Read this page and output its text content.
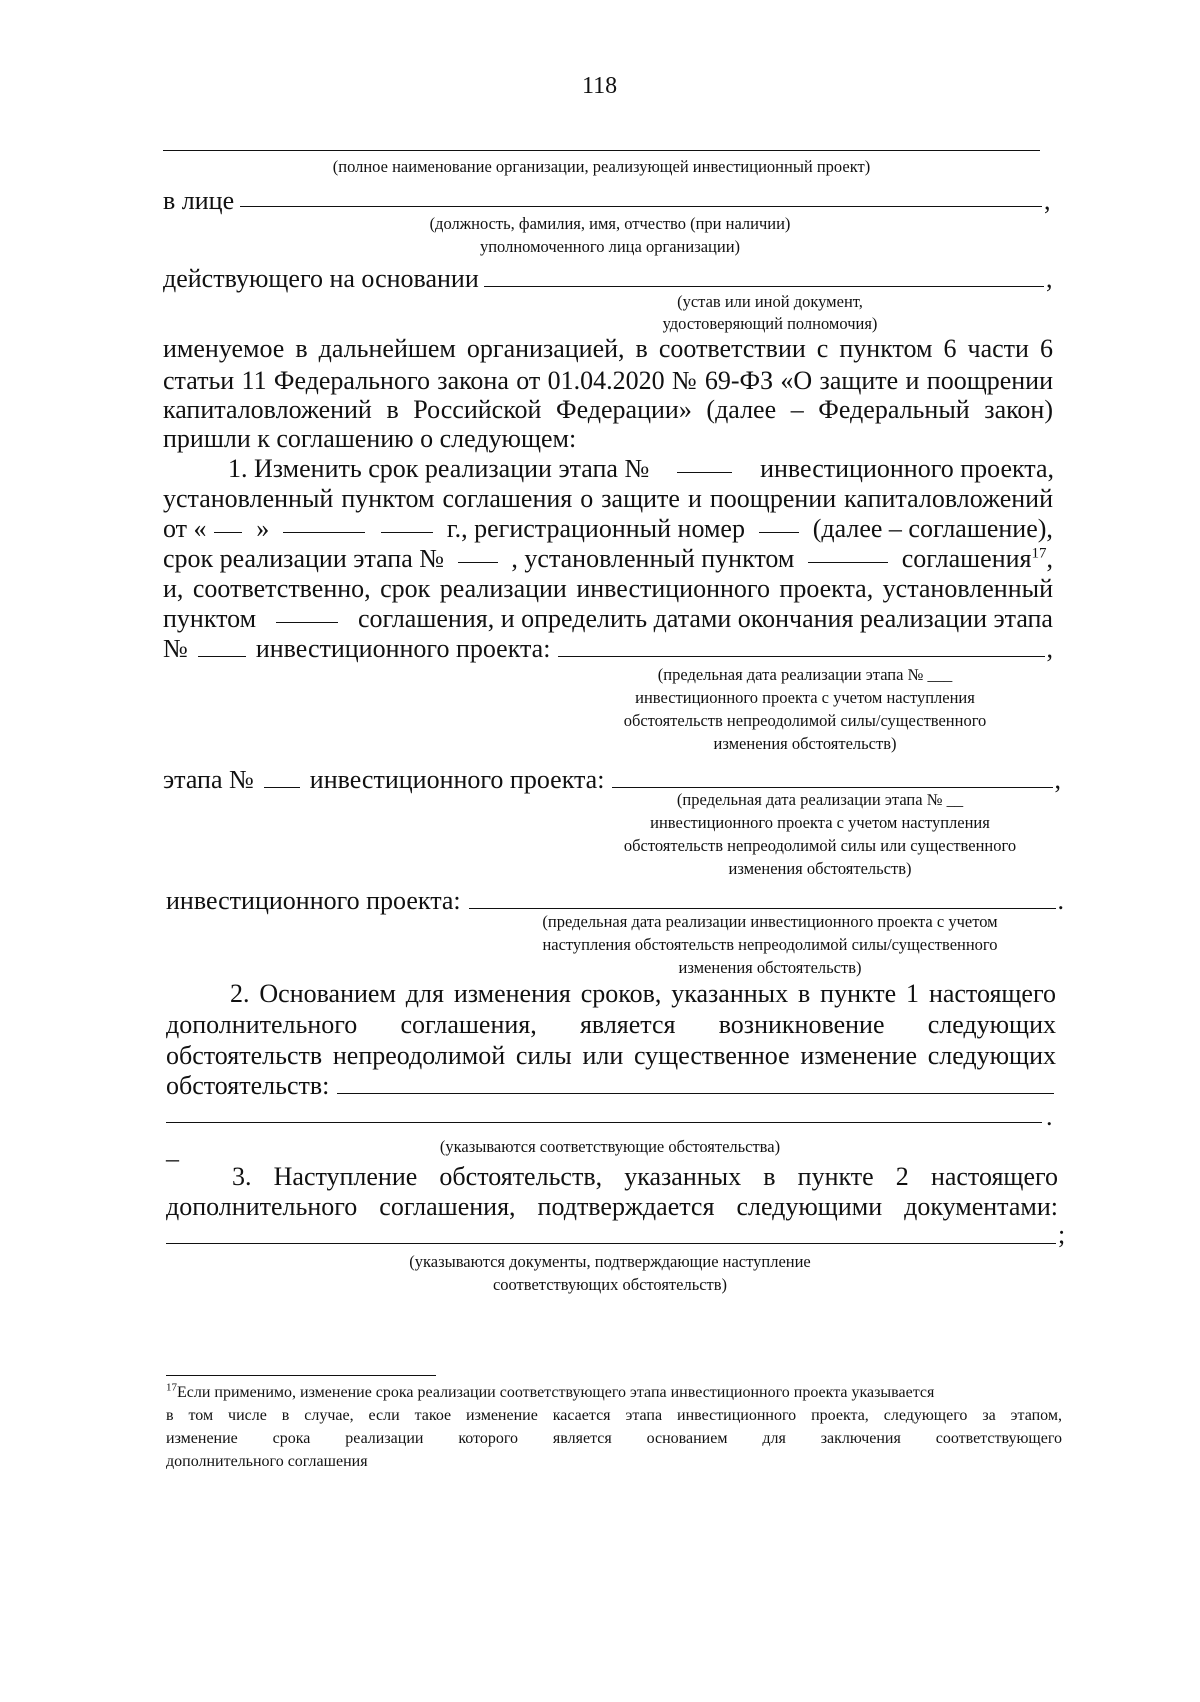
118
(полное наименование организации, реализующей инвестиционный проект)
в лице	,
(должность, фамилия, имя, отчество (при наличии)
уполномоченного лица организации)
действующего на основании	,
(устав или иной документ,
удостоверяющий полномочия)
именуемое в дальнейшем организацией, в соответствии с пунктом 6 части 6
статьи 11 Федерального закона от 01.04.2020 № 69-ФЗ «О защите и поощрении
капиталовложений в Российской Федерации» (далее – Федеральный закон)
пришли к соглашению о следующем:
1. Изменить срок реализации этапа №	инвестиционного проекта,
установленный пунктом соглашения о защите и поощрении капиталовложений
от « »	г., регистрационный номер	(далее – соглашение),
срок реализации этапа №	, установленный пунктом	соглашения$^{17}$,
и, соответственно, срок реализации инвестиционного проекта, установленный
пунктом	соглашения, и определить датами окончания реализации этапа
№	инвестиционного проекта:	,
(предельная дата реализации этапа № ___
инвестиционного проекта с учетом наступления
обстоятельств непреодолимой силы/существенного
изменения обстоятельств)
этапа № инвестиционного проекта:	,
(предельная дата реализации этапа № __
инвестиционного проекта с учетом наступления
обстоятельств непреодолимой силы или существенного
изменения обстоятельств)
инвестиционного проекта:	.
(предельная дата реализации инвестиционного проекта с учетом
наступления обстоятельств непреодолимой силы/существенного
изменения обстоятельств)
2. Основанием для изменения сроков, указанных в пункте 1 настоящего
дополнительного соглашения, является возникновение следующих
обстоятельств непреодолимой силы или существенное изменение следующих
обстоятельств:
.
(указываются соответствующие обстоятельства)
–
3. Наступление обстоятельств, указанных в пункте 2 настоящего
дополнительного соглашения, подтверждается следующими документами:
;
(указываются документы, подтверждающие наступление
соответствующих обстоятельств)
$^{17}$Если применимо, изменение срока реализации соответствующего этапа инвестиционного проекта указывается
в том числе в случае, если такое изменение касается этапа инвестиционного проекта, следующего за этапом,
изменение срока реализации которого является основанием для заключения соответствующего
дополнительного соглашения
